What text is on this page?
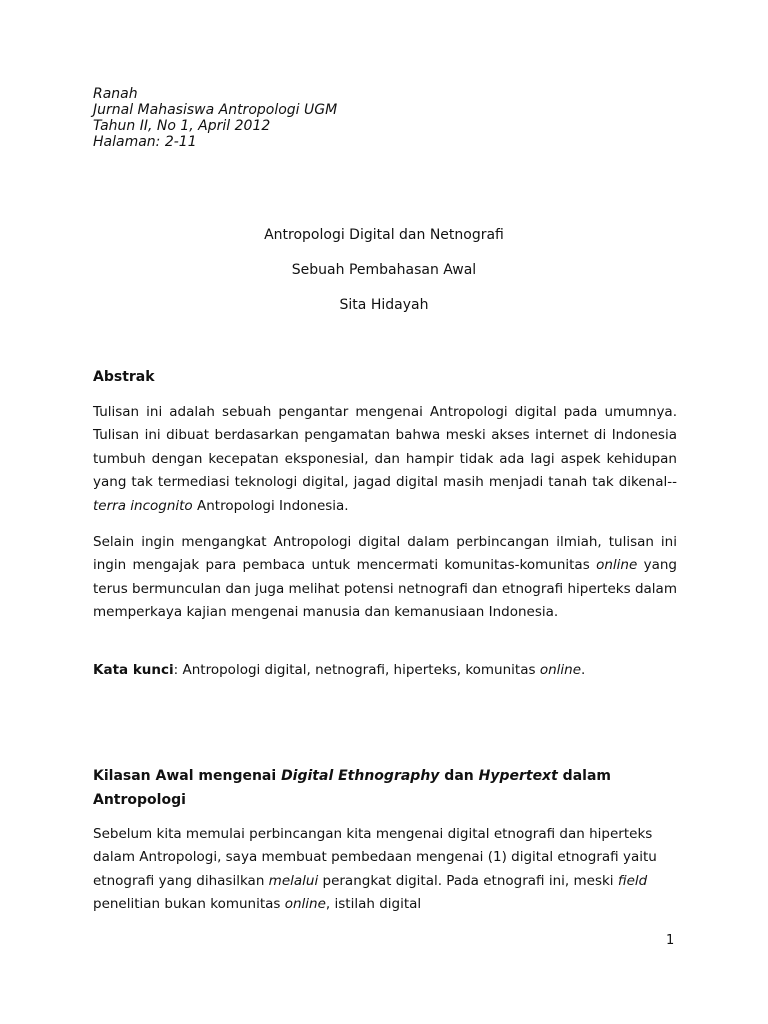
Ranah
Jurnal Mahasiswa Antropologi UGM
Tahun II, No 1, April 2012
Halaman: 2-11
Antropologi Digital dan Netnografi
Sebuah Pembahasan Awal
Sita Hidayah
Abstrak

Tulisan ini adalah sebuah pengantar mengenai Antropologi digital pada umumnya. Tulisan ini dibuat berdasarkan pengamatan bahwa meski akses internet di Indonesia tumbuh dengan kecepatan eksponesial, dan hampir tidak ada lagi aspek kehidupan yang tak termediasi teknologi digital, jagad digital masih menjadi tanah tak dikenal--terra incognito Antropologi Indonesia.

Selain ingin mengangkat Antropologi digital dalam perbincangan ilmiah, tulisan ini ingin mengajak para pembaca untuk mencermati komunitas-komunitas online yang terus bermunculan dan juga melihat potensi netnografi dan etnografi hiperteks dalam memperkaya kajian mengenai manusia dan kemanusiaan Indonesia.

Kata kunci: Antropologi digital, netnografi, hiperteks, komunitas online.

Kilasan Awal mengenai Digital Ethnography dan Hypertext dalam Antropologi

Sebelum kita memulai perbincangan kita mengenai digital etnografi dan hiperteks dalam Antropologi, saya membuat pembedaan mengenai (1) digital etnografi yaitu etnografi yang dihasilkan melalui perangkat digital. Pada etnografi ini, meski field penelitian bukan komunitas online, istilah digital

1
